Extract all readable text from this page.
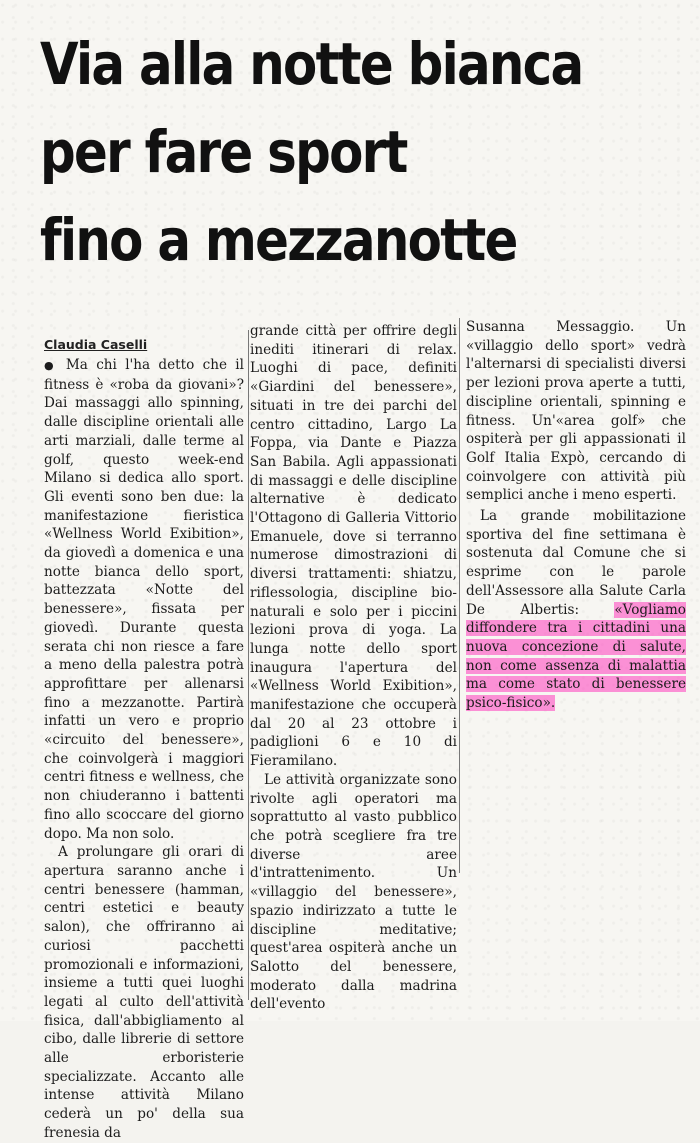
Via alla notte bianca
per fare sport
fino a mezzanotte
Claudia Caselli

● Ma chi l'ha detto che il fitness è «roba da giovani»? Dai massaggi allo spinning, dalle discipline orientali alle arti marziali, dalle terme al golf, questo week-end Milano si dedica allo sport. Gli eventi sono ben due: la manifestazione fieristica «Wellness World Exibition», da giovedì a domenica e una notte bianca dello sport, battezzata «Notte del benessere», fissata per giovedì. Durante questa serata chi non riesce a fare a meno della palestra potrà approfittare per allenarsi fino a mezzanotte. Partirà infatti un vero e proprio «circuito del benessere», che coinvolgerà i maggiori centri fitness e wellness, che non chiuderanno i battenti fino allo scoccare del giorno dopo. Ma non solo.

A prolungare gli orari di apertura saranno anche i centri benessere (hamman, centri estetici e beauty salon), che offriranno ai curiosi pacchetti promozionali e informazioni, insieme a tutti quei luoghi legati al culto dell'attività fisica, dall'abbigliamento al cibo, dalle librerie di settore alle erboristerie specializzate. Accanto alle intense attività Milano cederà un po' della sua frenesia da

grande città per offrire degli inediti itinerari di relax. Luoghi di pace, definiti «Giardini del benessere», situati in tre dei parchi del centro cittadino, Largo La Foppa, via Dante e Piazza San Babila. Agli appassionati di massaggi e delle discipline alternative è dedicato l'Ottagono di Galleria Vittorio Emanuele, dove si terranno numerose dimostrazioni di diversi trattamenti: shiatzu, riflessologia, discipline bio-naturali e solo per i piccini lezioni prova di yoga. La lunga notte dello sport inaugura l'apertura del «Wellness World Exibition», manifestazione che occuperà dal 20 al 23 ottobre i padiglioni 6 e 10 di Fieramilano.

Le attività organizzate sono rivolte agli operatori ma soprattutto al vasto pubblico che potrà scegliere fra tre diverse aree d'intrattenimento. Un «villaggio del benessere», spazio indirizzato a tutte le discipline meditative; quest'area ospiterà anche un Salotto del benessere, moderato dalla madrina dell'evento

Susanna Messaggio. Un «villaggio dello sport» vedrà l'alternarsi di specialisti diversi per lezioni prova aperte a tutti, discipline orientali, spinning e fitness. Un'«area golf» che ospiterà per gli appassionati il Golf Italia Expò, cercando di coinvolgere con attività più semplici anche i meno esperti.

La grande mobilitazione sportiva del fine settimana è sostenuta dal Comune che si esprime con le parole dell'Assessore alla Salute Carla De Albertis: «Vogliamo diffondere tra i cittadini una nuova concezione di salute, non come assenza di malattia ma come stato di benessere psico-fisico».
